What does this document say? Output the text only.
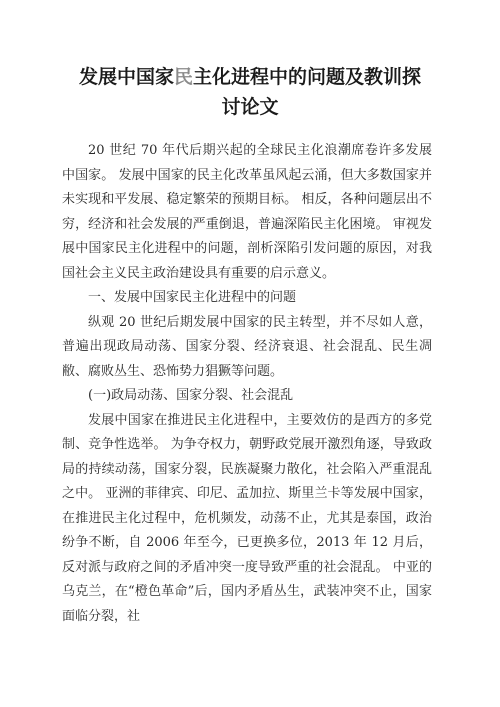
发展中国家民主化进程中的问题及教训探
讨论文

20 世纪 70 年代后期兴起的全球民主化浪潮席卷许多发展中国家。 发展中国家的民主化改革虽风起云涌，但大多数国家并未实现和平发展、稳定繁荣的预期目标。 相反，各种问题层出不穷，经济和社会发展的严重倒退，普遍深陷民主化困境。 审视发展中国家民主化进程中的问题，剖析深陷引发问题的原因，对我国社会主义民主政治建设具有重要的启示意义。

一、发展中国家民主化进程中的问题

纵观 20 世纪后期发展中国家的民主转型，并不尽如人意，普遍出现政局动荡、国家分裂、经济衰退、社会混乱、民生凋敝、腐败丛生、恐怖势力猖獗等问题。

(一)政局动荡、国家分裂、社会混乱

发展中国家在推进民主化进程中，主要效仿的是西方的多党制、竞争性选举。 为争夺权力，朝野政党展开激烈角逐，导致政局的持续动荡，国家分裂，民族凝聚力散化，社会陷入严重混乱之中。 亚洲的菲律宾、印尼、孟加拉、斯里兰卡等发展中国家，在推进民主化过程中，危机频发，动荡不止，尤其是泰国，政治纷争不断，自 2006 年至今，已更换多位，2013 年 12 月后，反对派与政府之间的矛盾冲突一度导致严重的社会混乱。 中亚的乌克兰，在“橙色革命”后，国内矛盾丛生，武装冲突不止，国家面临分裂，社
